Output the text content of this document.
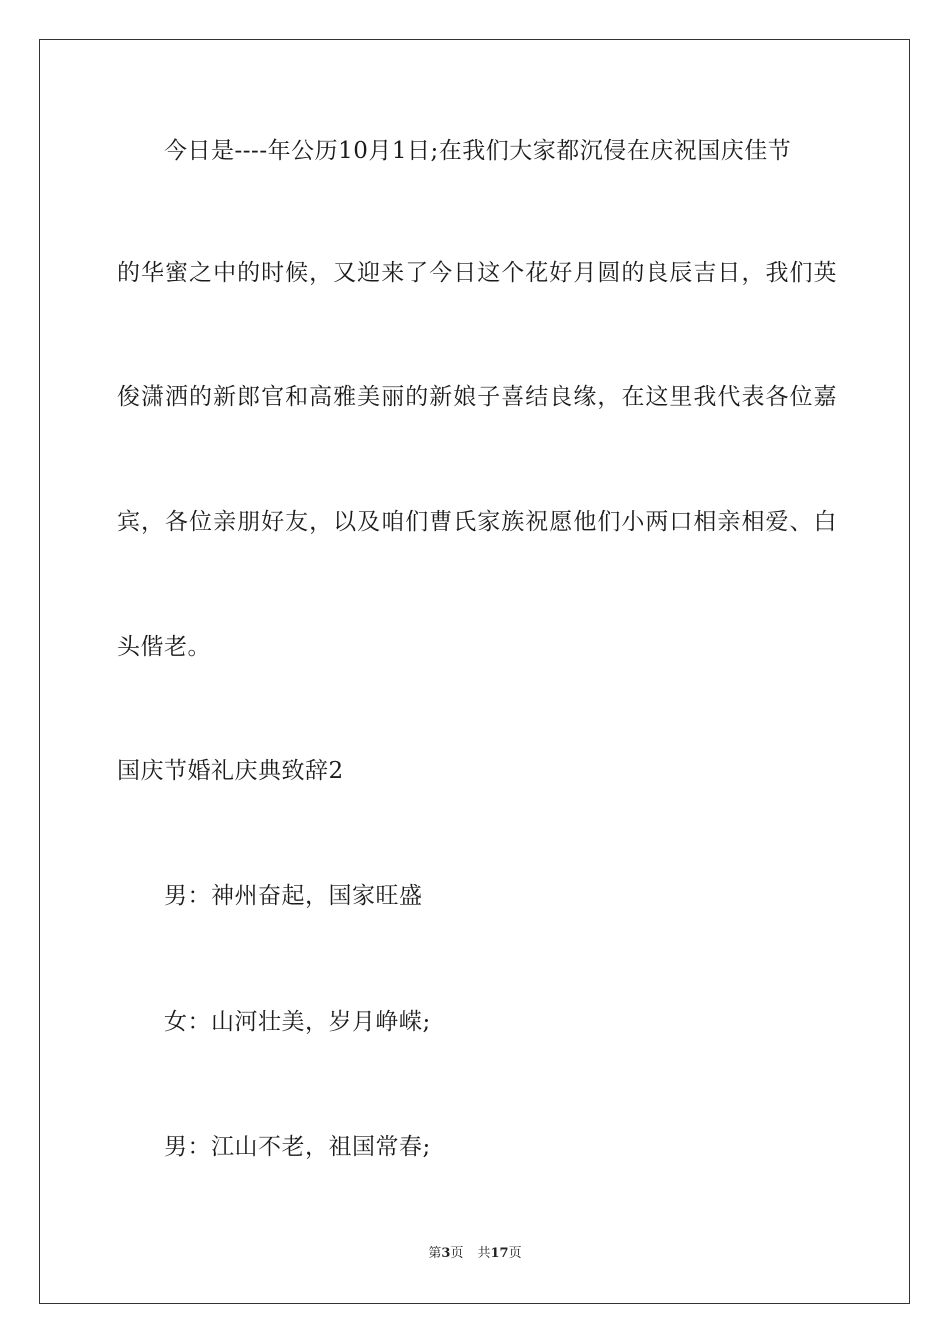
今日是----年公历10月1日;在我们大家都沉侵在庆祝国庆佳节
的华蜜之中的时候，又迎来了今日这个花好月圆的良辰吉日，我们英
俊潇洒的新郎官和高雅美丽的新娘子喜结良缘，在这里我代表各位嘉
宾，各位亲朋好友，以及咱们曹氏家族祝愿他们小两口相亲相爱、白
头偕老。
国庆节婚礼庆典致辞2
男：神州奋起，国家旺盛
女：山河壮美，岁月峥嵘;
男：江山不老，祖国常春;
第3页 共17页
